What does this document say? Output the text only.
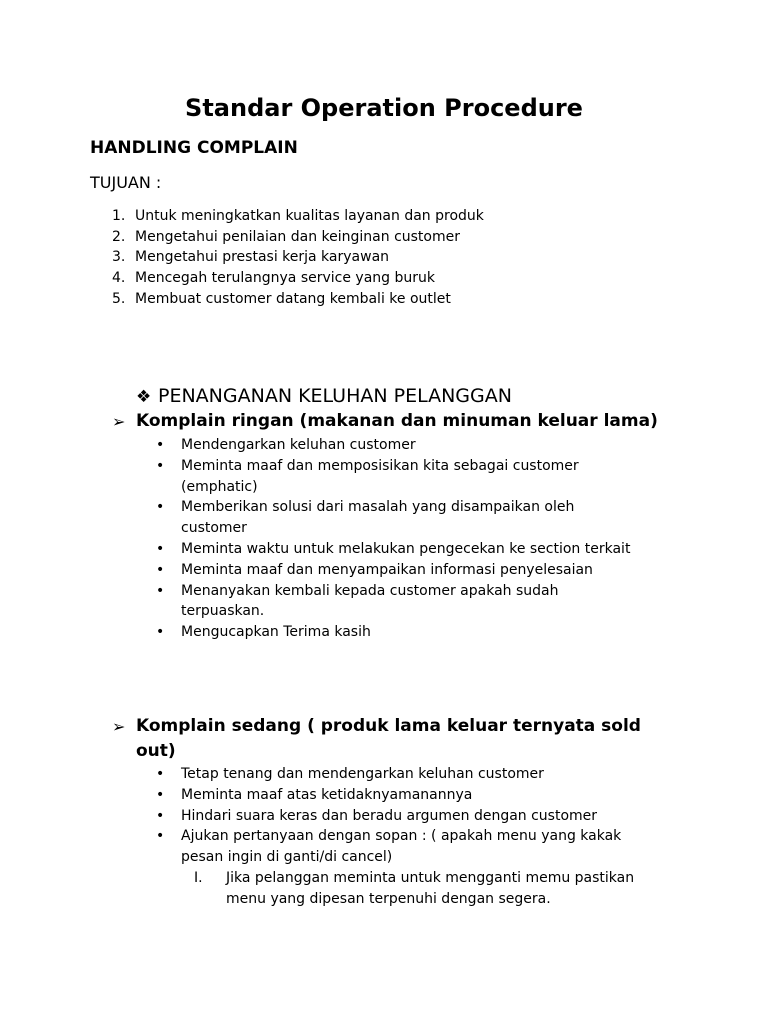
Standar Operation Procedure
HANDLING COMPLAIN
TUJUAN :
1. Untuk meningkatkan kualitas layanan dan produk
2. Mengetahui penilaian dan keinginan customer
3. Mengetahui prestasi kerja karyawan
4. Mencegah terulangnya service yang buruk
5. Membuat customer datang kembali ke outlet
❖ PENANGANAN KELUHAN PELANGGAN
➢ Komplain ringan (makanan dan minuman keluar lama)
• Mendengarkan keluhan customer
• Meminta maaf dan memposisikan kita sebagai customer (emphatic)
• Memberikan solusi dari masalah yang disampaikan oleh customer
• Meminta waktu untuk melakukan pengecekan ke section terkait
• Meminta maaf dan menyampaikan informasi penyelesaian
• Menanyakan kembali kepada customer apakah sudah terpuaskan.
• Mengucapkan Terima kasih
➢ Komplain sedang ( produk lama keluar ternyata sold out)
• Tetap tenang dan mendengarkan keluhan customer
• Meminta maaf atas ketidaknyamanannya
• Hindari suara keras dan beradu argumen dengan customer
• Ajukan pertanyaan dengan sopan : ( apakah menu yang kakak pesan ingin di ganti/di cancel)
I. Jika pelanggan meminta untuk mengganti memu pastikan menu yang dipesan terpenuhi dengan segera.
